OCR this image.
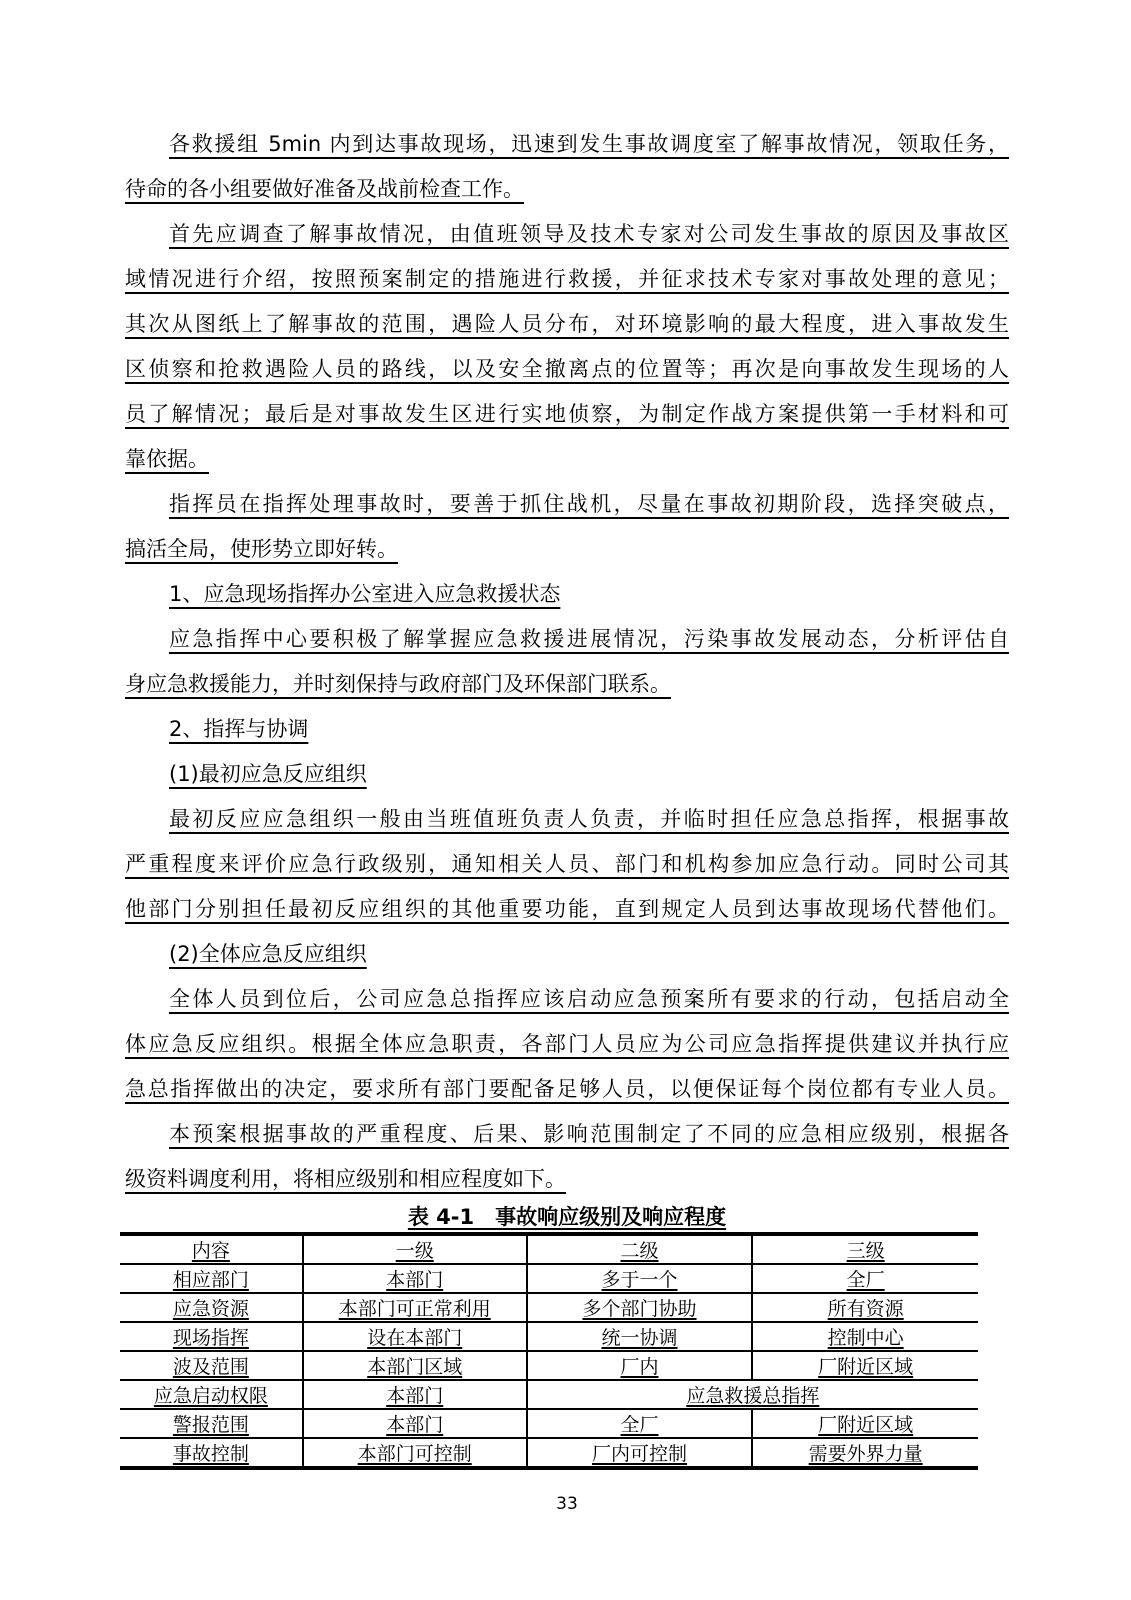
各救援组 5min 内到达事故现场，迅速到发生事故调度室了解事故情况，领取任务，
待命的各小组要做好准备及战前检查工作。
首先应调查了解事故情况，由值班领导及技术专家对公司发生事故的原因及事故区
域情况进行介绍，按照预案制定的措施进行救援，并征求技术专家对事故处理的意见；
其次从图纸上了解事故的范围，遇险人员分布，对环境影响的最大程度，进入事故发生
区侦察和抢救遇险人员的路线，以及安全撤离点的位置等；再次是向事故发生现场的人
员了解情况；最后是对事故发生区进行实地侦察，为制定作战方案提供第一手材料和可
靠依据。
指挥员在指挥处理事故时，要善于抓住战机，尽量在事故初期阶段，选择突破点，
搞活全局，使形势立即好转。
1、应急现场指挥办公室进入应急救援状态
应急指挥中心要积极了解掌握应急救援进展情况，污染事故发展动态，分析评估自
身应急救援能力，并时刻保持与政府部门及环保部门联系。
2、指挥与协调
(1)最初应急反应组织
最初反应应急组织一般由当班值班负责人负责，并临时担任应急总指挥，根据事故
严重程度来评价应急行政级别，通知相关人员、部门和机构参加应急行动。同时公司其
他部门分别担任最初反应组织的其他重要功能，直到规定人员到达事故现场代替他们。
(2)全体应急反应组织
全体人员到位后，公司应急总指挥应该启动应急预案所有要求的行动，包括启动全
体应急反应组织。根据全体应急职责，各部门人员应为公司应急指挥提供建议并执行应
急总指挥做出的决定，要求所有部门要配备足够人员，以便保证每个岗位都有专业人员。
本预案根据事故的严重程度、后果、影响范围制定了不同的应急相应级别，根据各
级资料调度利用，将相应级别和相应程度如下。
表 4-1　事故响应级别及响应程度
内容	一级	二级	三级
相应部门	本部门	多于一个	全厂
应急资源	本部门可正常利用	多个部门协助	所有资源
现场指挥	设在本部门	统一协调	控制中心
波及范围	本部门区域	厂内	厂附近区域
应急启动权限	本部门	应急救援总指挥	
警报范围	本部门	全厂	厂附近区域
事故控制	本部门可控制	厂内可控制	需要外界力量
33
